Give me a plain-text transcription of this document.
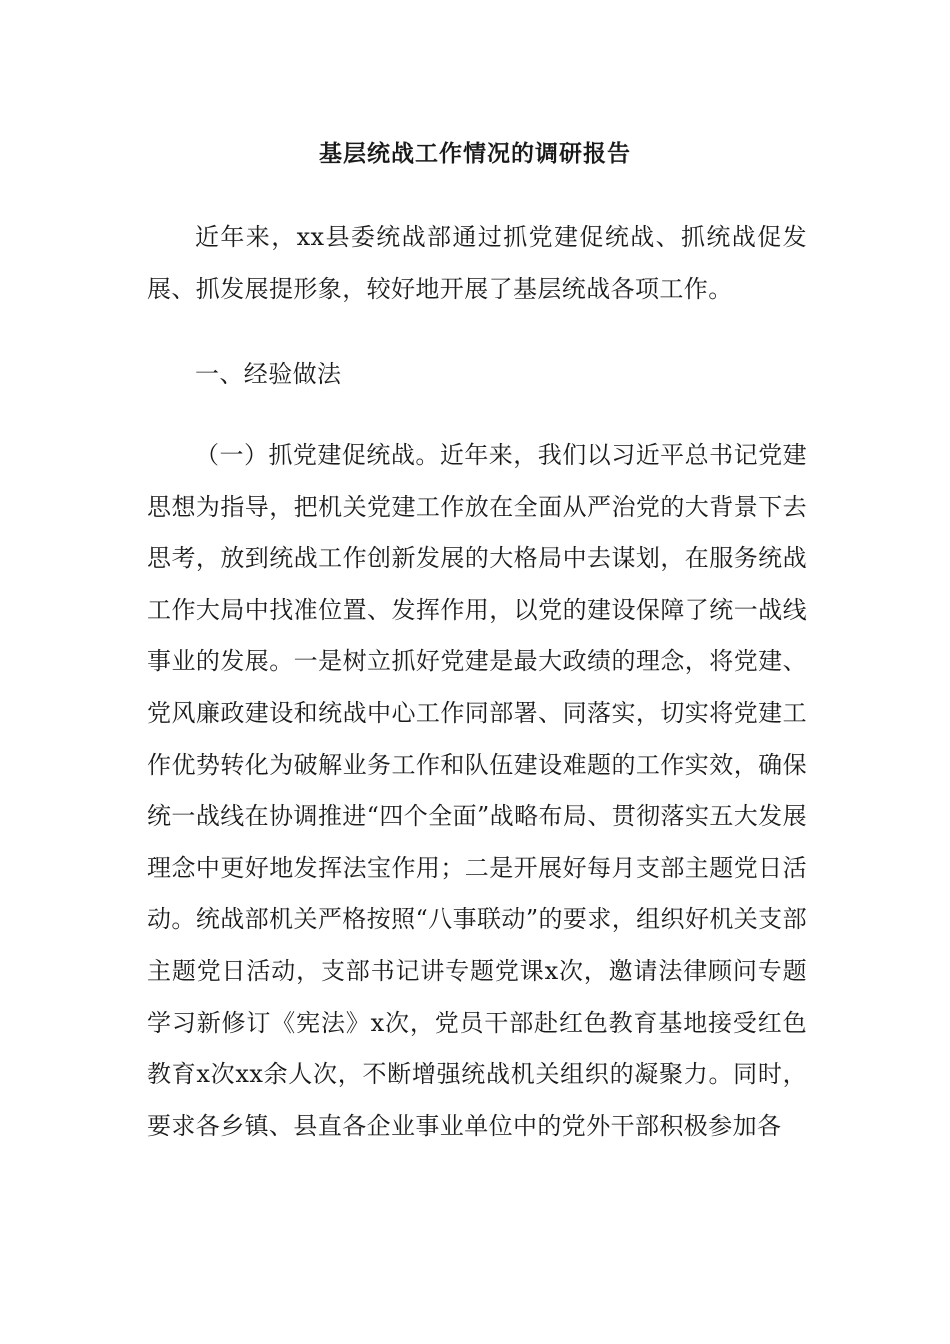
基层统战工作情况的调研报告

近年来，xx县委统战部通过抓党建促统战、抓统战促发展、抓发展提形象，较好地开展了基层统战各项工作。

一、经验做法

（一）抓党建促统战。近年来，我们以习近平总书记党建思想为指导，把机关党建工作放在全面从严治党的大背景下去思考，放到统战工作创新发展的大格局中去谋划，在服务统战工作大局中找准位置、发挥作用，以党的建设保障了统一战线事业的发展。一是树立抓好党建是最大政绩的理念，将党建、党风廉政建设和统战中心工作同部署、同落实，切实将党建工作优势转化为破解业务工作和队伍建设难题的工作实效，确保统一战线在协调推进“四个全面”战略布局、贯彻落实五大发展理念中更好地发挥法宝作用；二是开展好每月支部主题党日活动。统战部机关严格按照“八事联动”的要求，组织好机关支部主题党日活动，支部书记讲专题党课x次，邀请法律顾问专题学习新修订《宪法》x次，党员干部赴红色教育基地接受红色教育x次xx余人次，不断增强统战机关组织的凝聚力。同时，要求各乡镇、县直各企业事业单位中的党外干部积极参加各
